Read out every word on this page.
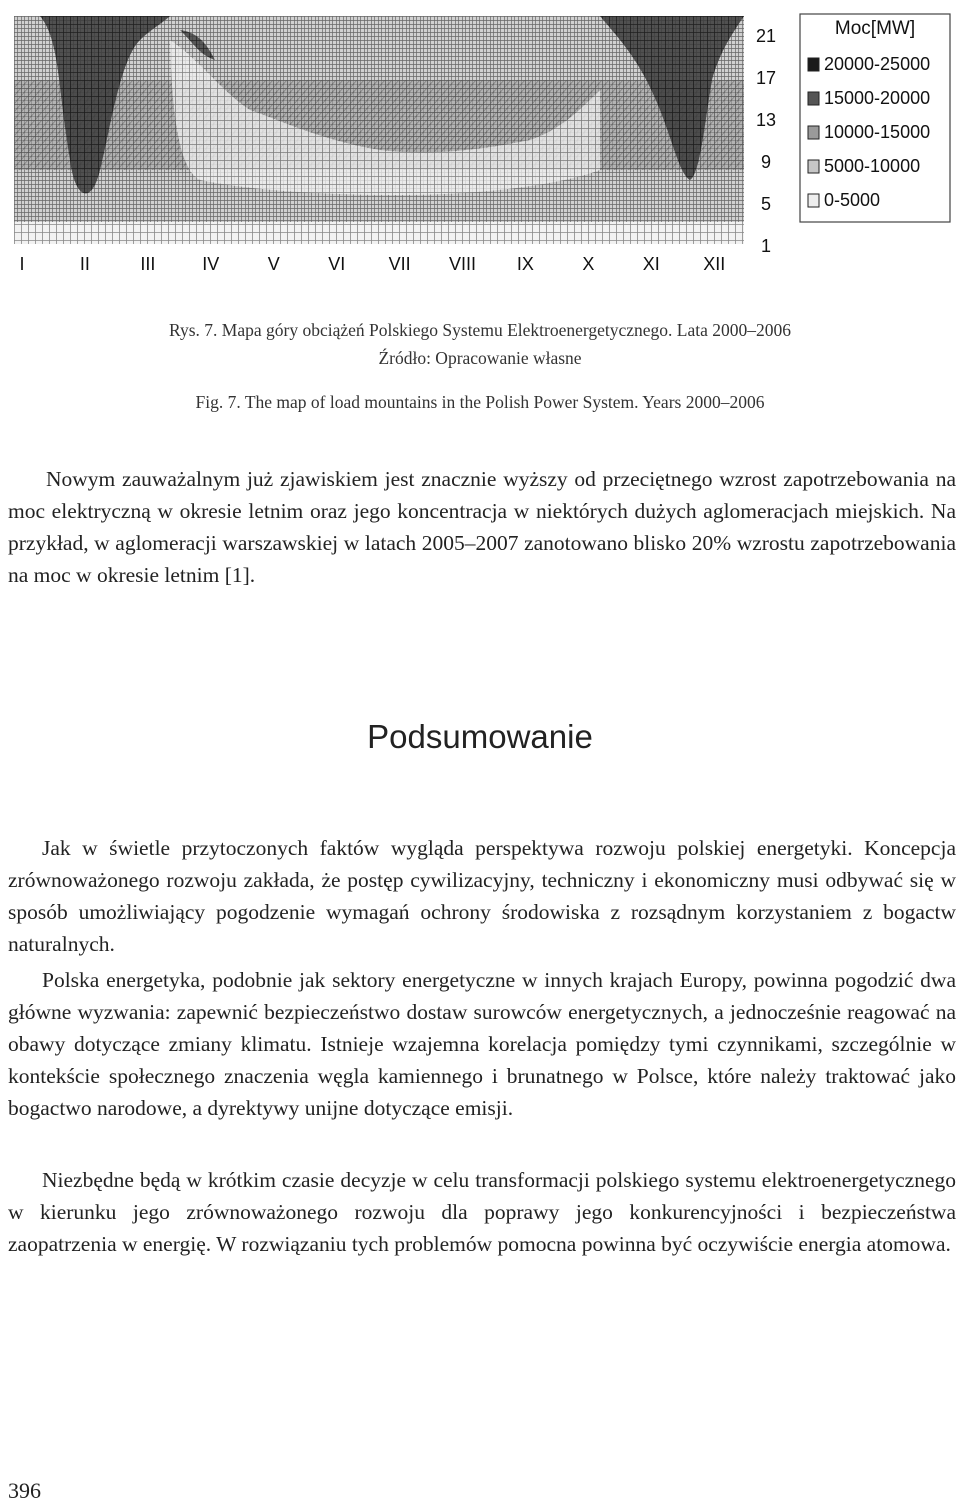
I	II	III	IV	V	VI VII VIII IX	X	XI XII
21
17
13
9
5
1
Moc[MW]
20000-25000
15000-20000
10000-15000
5000-10000
0-5000
Rys. 7. Mapa góry obciążeń Polskiego Systemu Elektroenergetycznego. Lata 2000–2006
Źródło: Opracowanie własne
Fig. 7. The map of load mountains in the Polish Power System. Years 2000–2006

Nowym zauważalnym już zjawiskiem jest znacznie wyższy od przeciętnego wzrost zapotrzebowania na moc elektryczną w okresie letnim oraz jego koncentracja w niektórych dużych aglomeracjach miejskich. Na przykład, w aglomeracji warszawskiej w latach 2005–2007 zanotowano blisko 20% wzrostu zapotrzebowania na moc w okresie letnim [1].

Podsumowanie

Jak w świetle przytoczonych faktów wygląda perspektywa rozwoju polskiej energetyki. Koncepcja zrównoważonego rozwoju zakłada, że postęp cywilizacyjny, techniczny i ekonomiczny musi odbywać się w sposób umożliwiający pogodzenie wymagań ochrony środowiska z rozsądnym korzystaniem z bogactw naturalnych.

Polska energetyka, podobnie jak sektory energetyczne w innych krajach Europy, powinna pogodzić dwa główne wyzwania: zapewnić bezpieczeństwo dostaw surowców energetycznych, a jednocześnie reagować na obawy dotyczące zmiany klimatu. Istnieje wzajemna korelacja pomiędzy tymi czynnikami, szczególnie w kontekście społecznego znaczenia węgla kamiennego i brunatnego w Polsce, które należy traktować jako bogactwo narodowe, a dyrektywy unijne dotyczące emisji.

Niezbędne będą w krótkim czasie decyzje w celu transformacji polskiego systemu elektroenergetycznego w kierunku jego zrównoważonego rozwoju dla poprawy jego konkurencyjności i bezpieczeństwa zaopatrzenia w energię. W rozwiązaniu tych problemów pomocna powinna być oczywiście energia atomowa.

396
